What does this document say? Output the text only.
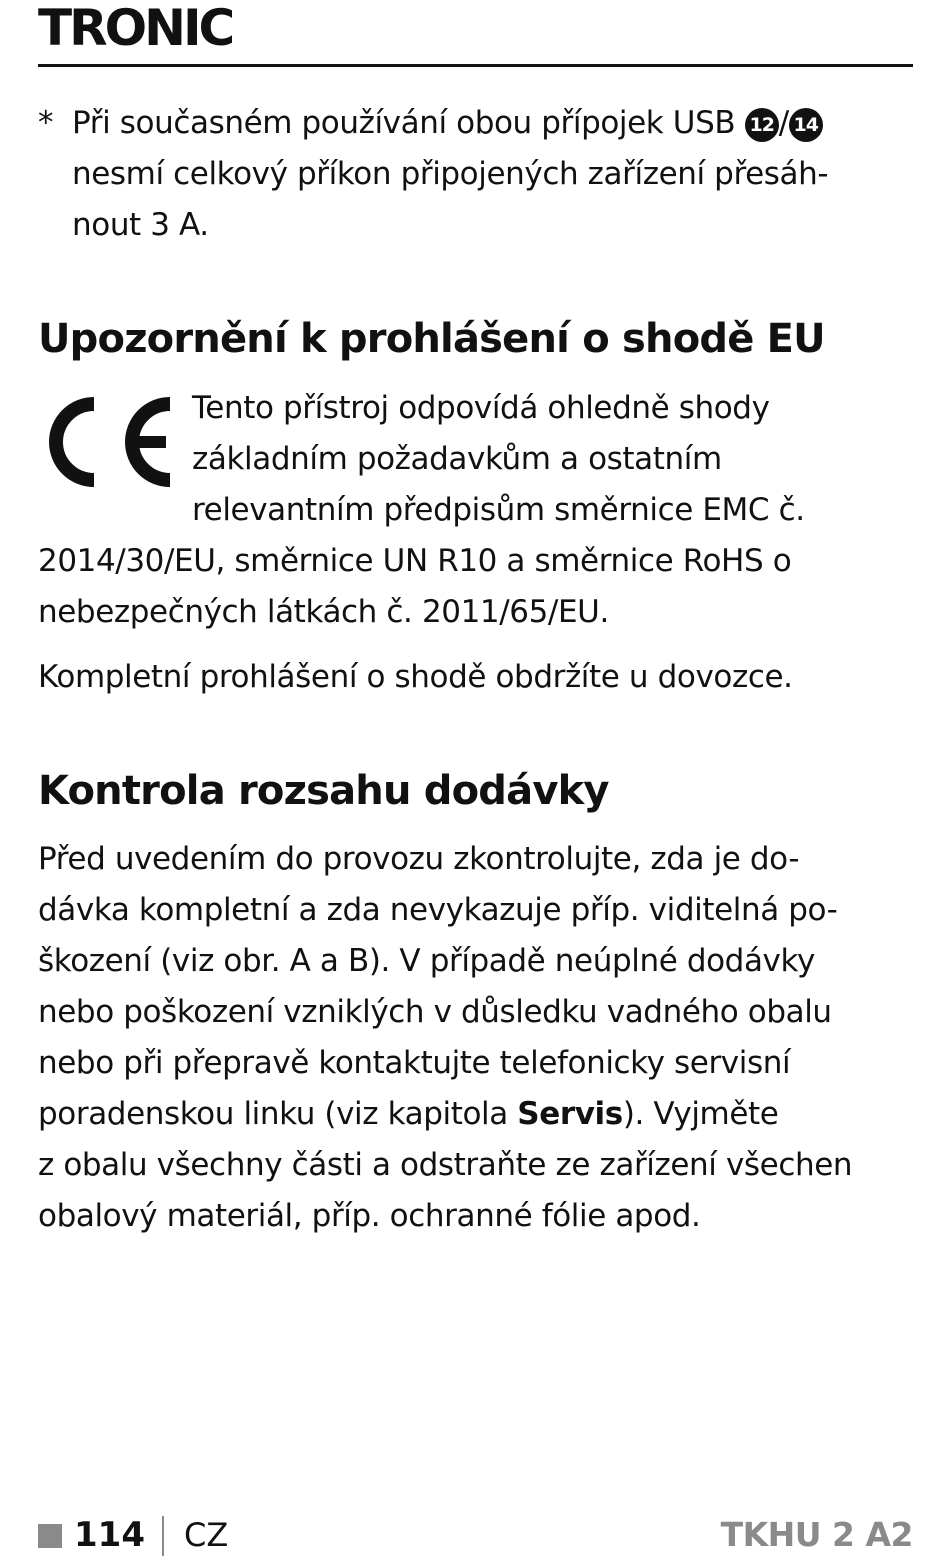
TRONIC
* Při současném používání obou přípojek USB 12 / 14
nesmí celkový příkon připojených zařízení přesáh-
nout 3 A.
Upozornění k prohlášení o shodě EU
Tento přístroj odpovídá ohledně shody
základním požadavkům a ostatním
relevantním předpisům směrnice EMC č.
2014/30/EU, směrnice UN R10 a směrnice RoHS o
nebezpečných látkách č. 2011/65/EU.
Kompletní prohlášení o shodě obdržíte u dovozce.
Kontrola rozsahu dodávky
Před uvedením do provozu zkontrolujte, zda je do-
dávka kompletní a zda nevykazuje příp. viditelná po-
škození (viz obr. A a B). V případě neúplné dodávky
nebo poškození vzniklých v důsledku vadného obalu
nebo při přepravě kontaktujte telefonicky servisní
poradenskou linku (viz kapitola Servis). Vyjměte
z obalu všechny části a odstraňte ze zařízení všechen
obalový materiál, příp. ochranné fólie apod.
114 CZ	TKHU 2 A2
